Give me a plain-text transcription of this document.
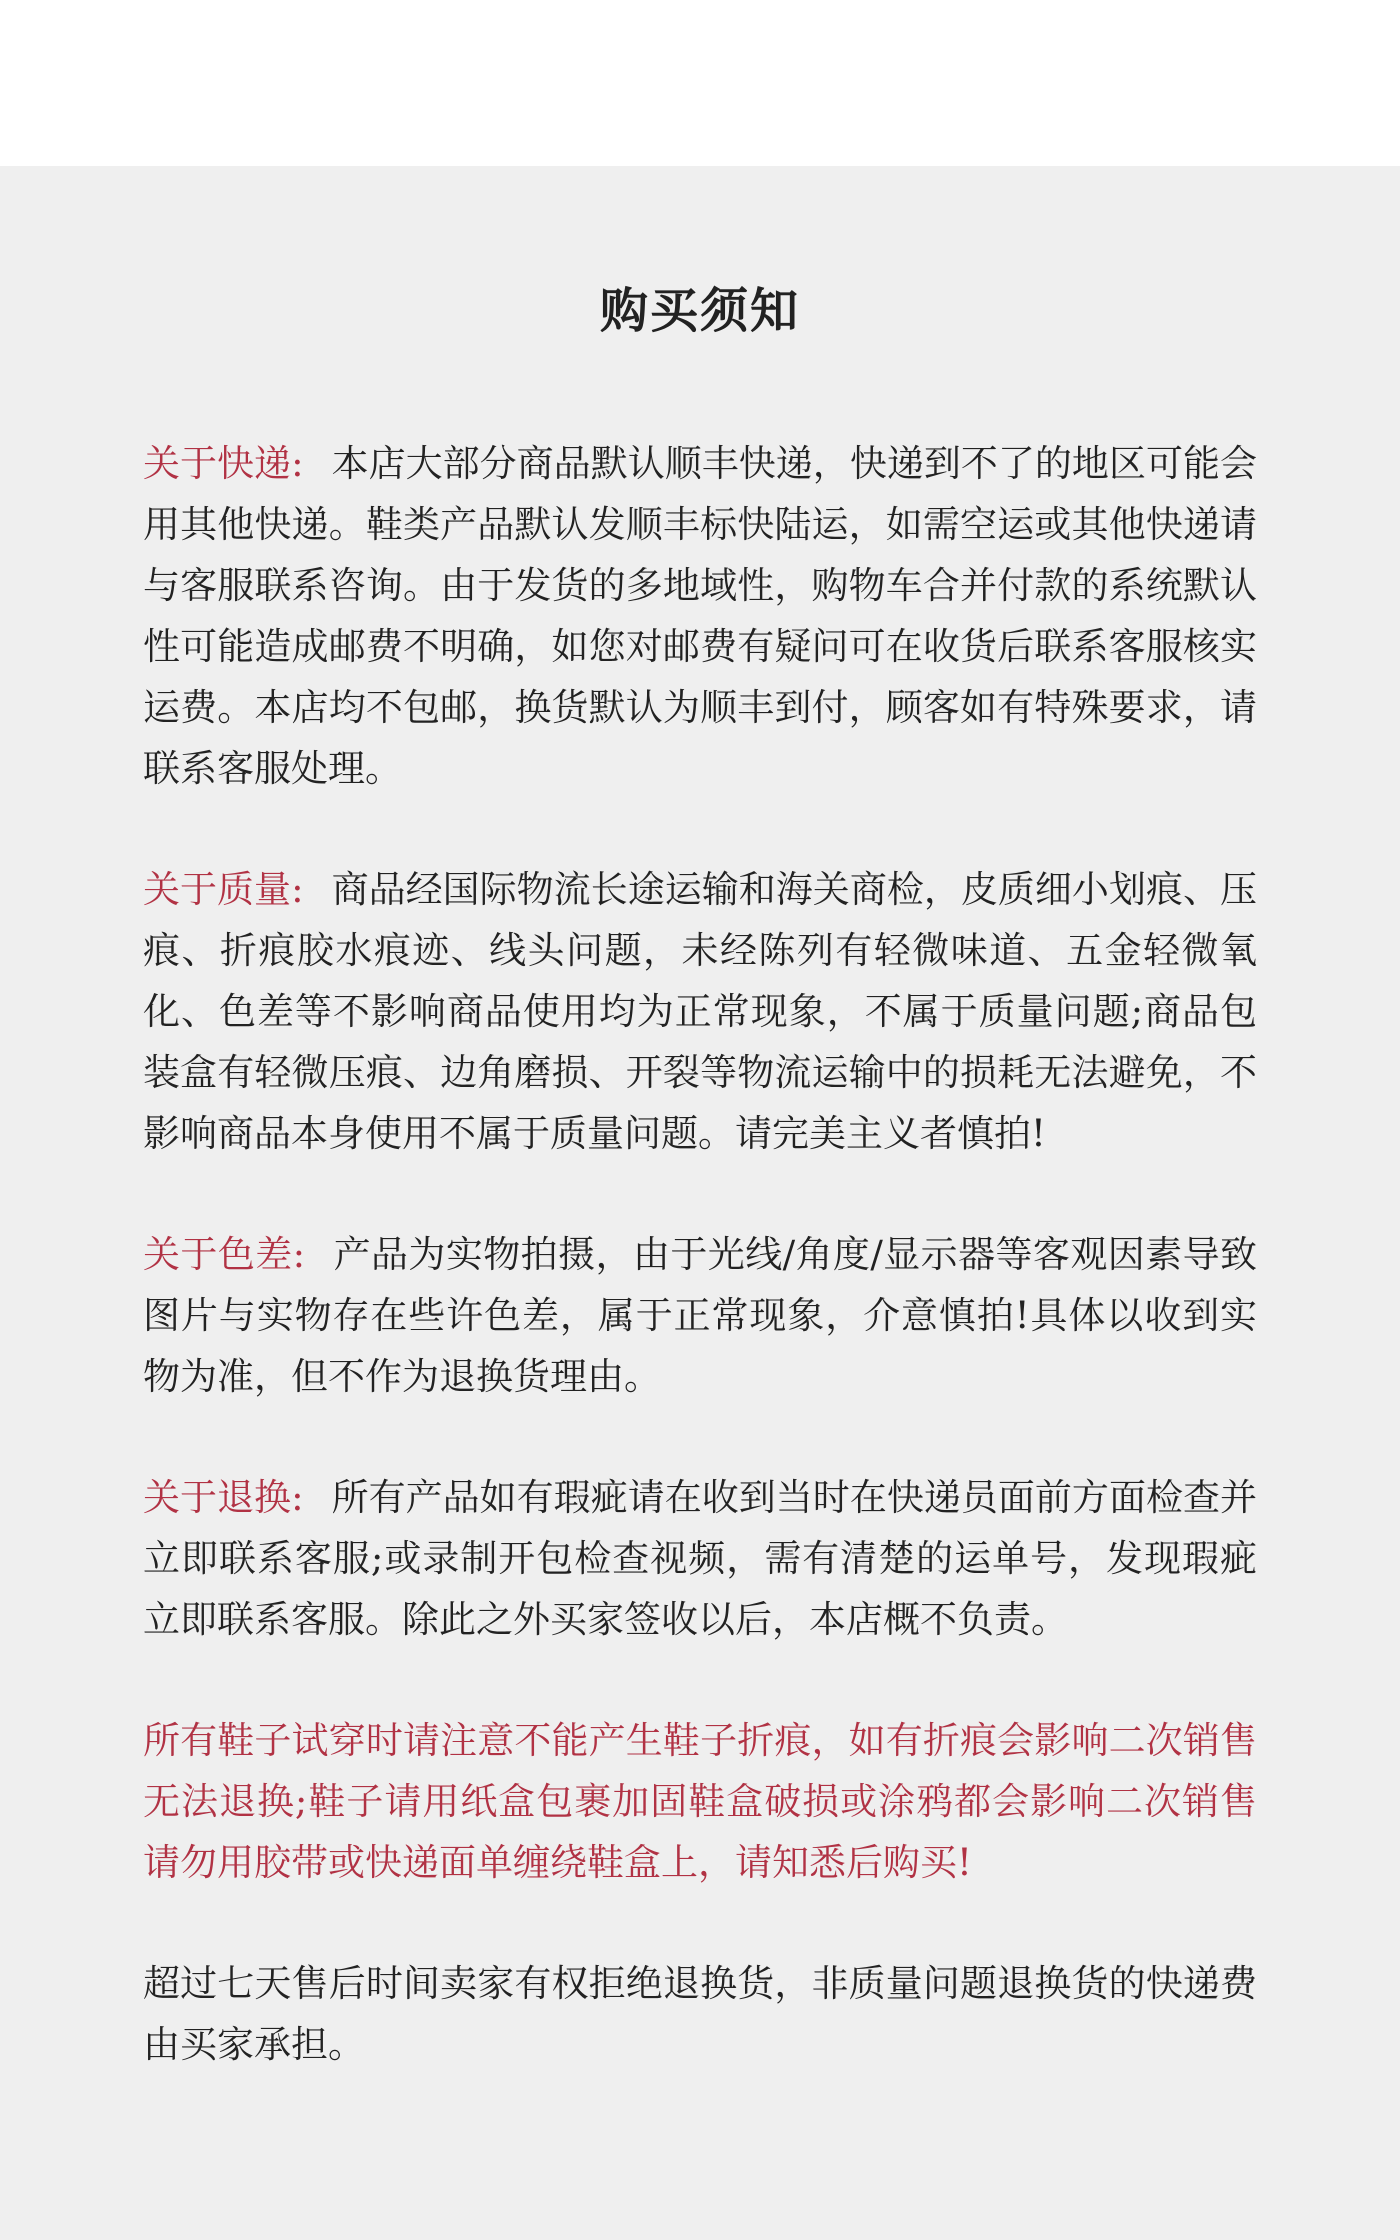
购买须知

关于快递: 本店大部分商品默认顺丰快递，快递到不了的地区可能会用其他快递。鞋类产品默认发顺丰标快陆运，如需空运或其他快递请与客服联系咨询。由于发货的多地域性，购物车合并付款的系统默认性可能造成邮费不明确，如您对邮费有疑问可在收货后联系客服核实运费。本店均不包邮，换货默认为顺丰到付，顾客如有特殊要求，请联系客服处理。

关于质量: 商品经国际物流长途运输和海关商检，皮质细小划痕、压痕、折痕胶水痕迹、线头问题，未经陈列有轻微味道、五金轻微氧化、色差等不影响商品使用均为正常现象，不属于质量问题;商品包装盒有轻微压痕、边角磨损、开裂等物流运输中的损耗无法避免，不影响商品本身使用不属于质量问题。请完美主义者慎拍!

关于色差: 产品为实物拍摄，由于光线/角度/显示器等客观因素导致图片与实物存在些许色差，属于正常现象，介意慎拍!具体以收到实物为准，但不作为退换货理由。

关于退换: 所有产品如有瑕疵请在收到当时在快递员面前方面检查并立即联系客服;或录制开包检查视频，需有清楚的运单号，发现瑕疵立即联系客服。除此之外买家签收以后，本店概不负责。

所有鞋子试穿时请注意不能产生鞋子折痕，如有折痕会影响二次销售　无法退换;鞋子请用纸盒包裹加固鞋盒破损或涂鸦都会影响二次销售 请勿用胶带或快递面单缠绕鞋盒上，请知悉后购买!

超过七天售后时间卖家有权拒绝退换货，非质量问题退换货的快递费由买家承担。
